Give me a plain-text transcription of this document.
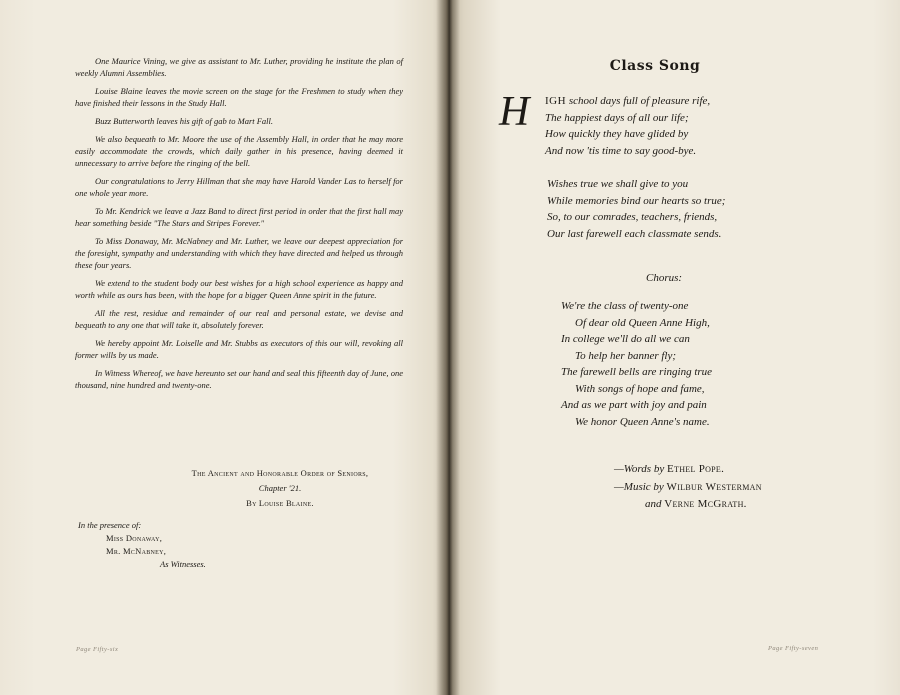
One Maurice Vining, we give as assistant to Mr. Luther, providing he institute the plan of weekly Alumni Assemblies.

Louise Blaine leaves the movie screen on the stage for the Freshmen to study when they have finished their lessons in the Study Hall.

Buzz Butterworth leaves his gift of gab to Mart Fall.

We also bequeath to Mr. Moore the use of the Assembly Hall, in order that he may more easily accommodate the crowds, which daily gather in his presence, having deemed it unnecessary to arrive before the ringing of the bell.

Our congratulations to Jerry Hillman that she may have Harold Vander Las to herself for one whole year more.

To Mr. Kendrick we leave a Jazz Band to direct first period in order that the first hall may hear something beside "The Stars and Stripes Forever."

To Miss Donaway, Mr. McNabney and Mr. Luther, we leave our deepest appreciation for the foresight, sympathy and understanding with which they have directed and helped us through these four years.

We extend to the student body our best wishes for a high school experience as happy and worth while as ours has been, with the hope for a bigger Queen Anne spirit in the future.

All the rest, residue and remainder of our real and personal estate, we devise and bequeath to any one that will take it, absolutely forever.

We hereby appoint Mr. Loiselle and Mr. Stubbs as executors of this our will, revoking all former wills by us made.

In Witness Whereof, we have hereunto set our hand and seal this fifteenth day of June, one thousand, nine hundred and twenty-one.

The Ancient and Honorable Order of Seniors,
Chapter '21.
By Louise Blaine.
In the presence of:
Miss Donaway,
Mr. McNabney,
As Witnesses.
Page Fifty-six
Class Song
H IGH school days full of pleasure rife,
The happiest days of all our life;
How quickly they have glided by
And now 'tis time to say good-bye.
Wishes true we shall give to you
While memories bind our hearts so true;
So, to our comrades, teachers, friends,
Our last farewell each classmate sends.
Chorus:
We're the class of twenty-one
Of dear old Queen Anne High,
In college we'll do all we can
To help her banner fly;
The farewell bells are ringing true
With songs of hope and fame,
And as we part with joy and pain
We honor Queen Anne's name.
—Words by Ethel Pope.
—Music by Wilbur Westerman
and Verne McGrath.
Page Fifty-seven
